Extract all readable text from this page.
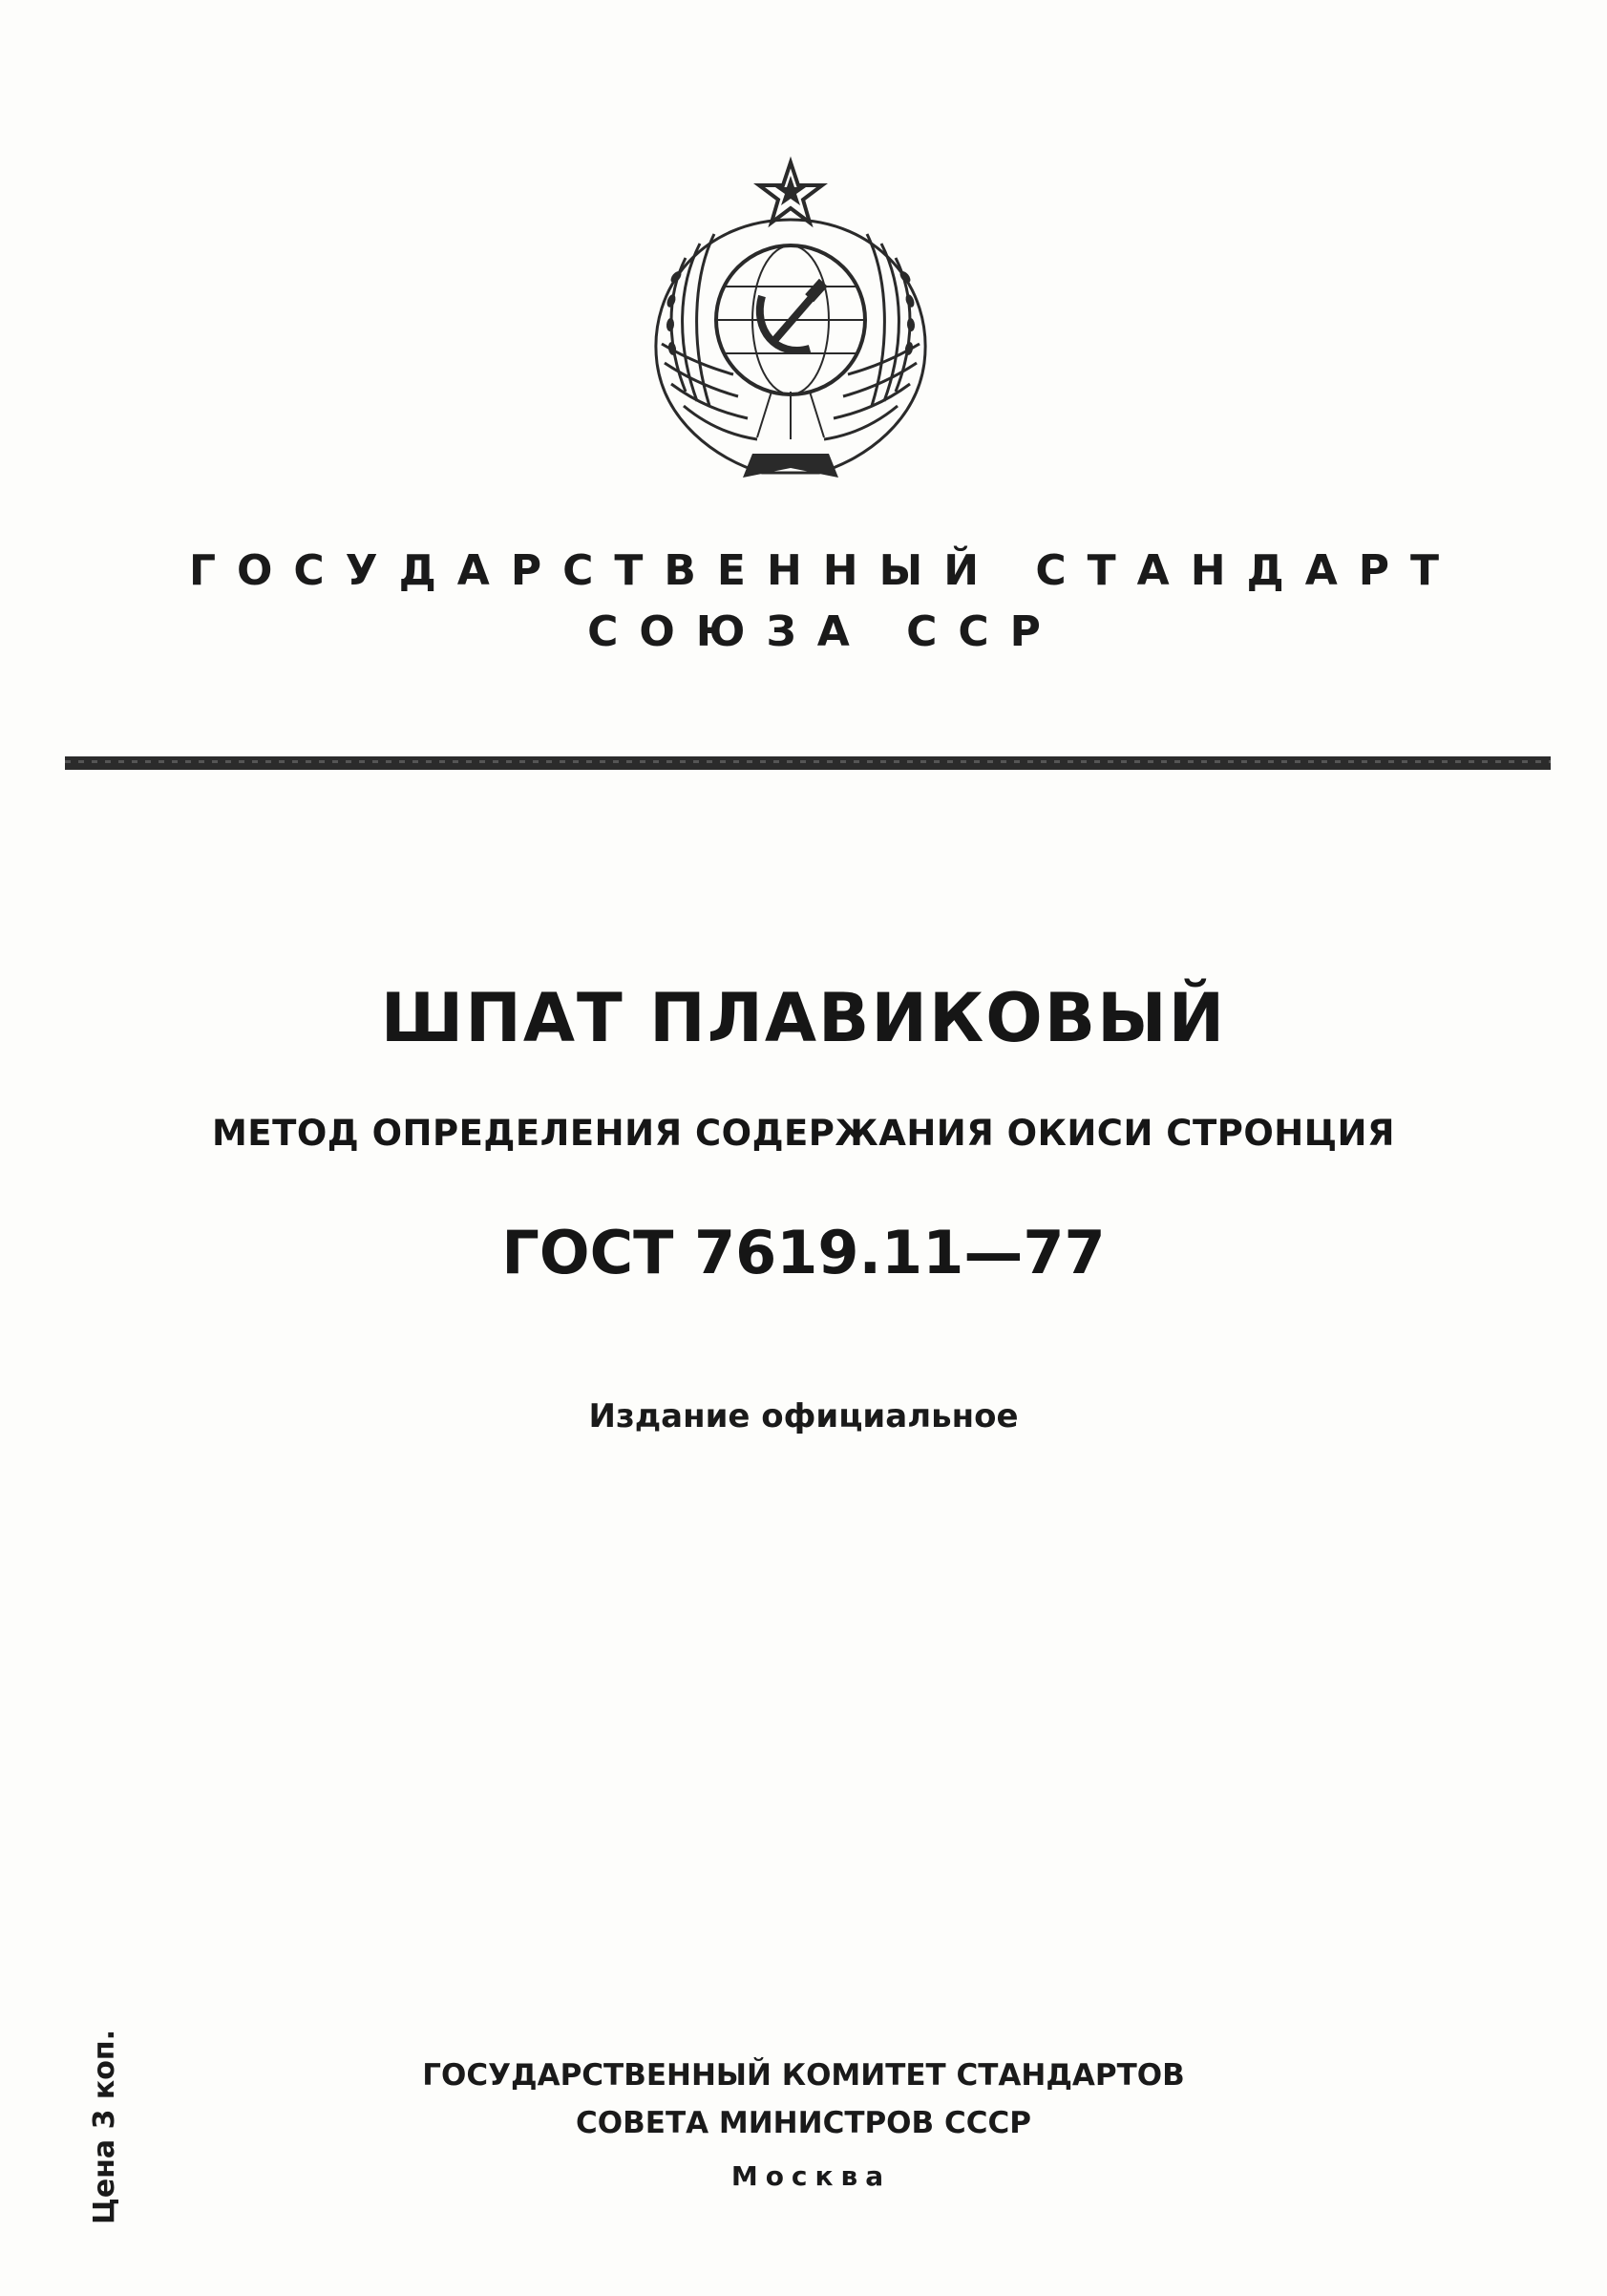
ГОСУДАРСТВЕННЫЙ СТАНДАРТ
СОЮЗА ССР
ШПАТ ПЛАВИКОВЫЙ
МЕТОД ОПРЕДЕЛЕНИЯ СОДЕРЖАНИЯ ОКИСИ СТРОНЦИЯ
ГОСТ 7619.11—77
Издание официальное
Цена 3 коп.	ГОСУДАРСТВЕННЫЙ КОМИТЕТ СТАНДАРТОВ
СОВЕТА МИНИСТРОВ СССР
Москва
